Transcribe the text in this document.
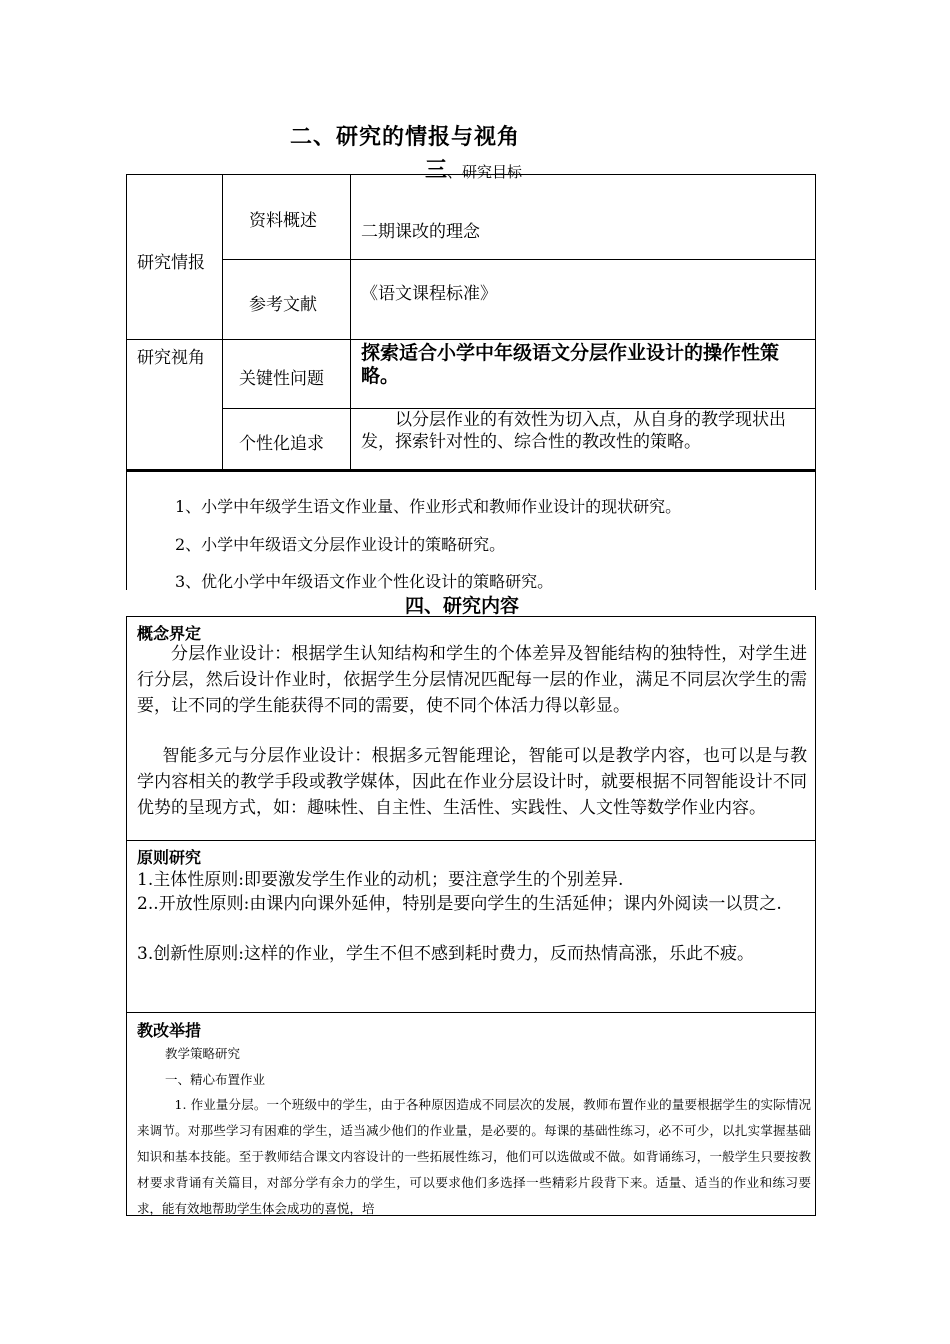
二、研究的情报与视角
三、研究目标
研究情报
资料概述
二期课改的理念
参考文献
《语文课程标准》
研究视角
关键性问题
探索适合小学中年级语文分层作业设计的操作性策略。
个性化追求
以分层作业的有效性为切入点，从自身的教学现状出发，探索针对性的、综合性的教改性的策略。
1、小学中年级学生语文作业量、作业形式和教师作业设计的现状研究。
2、小学中年级语文分层作业设计的策略研究。
3、优化小学中年级语文作业个性化设计的策略研究。
四、研究内容
概念界定
分层作业设计：根据学生认知结构和学生的个体差异及智能结构的独特性，对学生进行分层，然后设计作业时，依据学生分层情况匹配每一层的作业，满足不同层次学生的需要，让不同的学生能获得不同的需要，使不同个体活力得以彰显。
智能多元与分层作业设计：根据多元智能理论，智能可以是教学内容，也可以是与教学内容相关的教学手段或教学媒体，因此在作业分层设计时，就要根据不同智能设计不同优势的呈现方式，如：趣味性、自主性、生活性、实践性、人文性等数学作业内容。
原则研究
1.主体性原则:即要激发学生作业的动机；要注意学生的个别差异.
2..开放性原则:由课内向课外延伸，特别是要向学生的生活延伸；课内外阅读一以贯之.
3.创新性原则:这样的作业，学生不但不感到耗时费力，反而热情高涨，乐此不疲。
教改举措
教学策略研究
一、精心布置作业
1. 作业量分层。一个班级中的学生，由于各种原因造成不同层次的发展，教师布置作业的量要根据学生的实际情况来调节。对那些学习有困难的学生，适当减少他们的作业量，是必要的。每课的基础性练习，必不可少，以扎实掌握基础知识和基本技能。至于教师结合课文内容设计的一些拓展性练习，他们可以选做或不做。如背诵练习，一般学生只要按教材要求背诵有关篇目，对部分学有余力的学生，可以要求他们多选择一些精彩片段背下来。适量、适当的作业和练习要求，能有效地帮助学生体会成功的喜悦，培
